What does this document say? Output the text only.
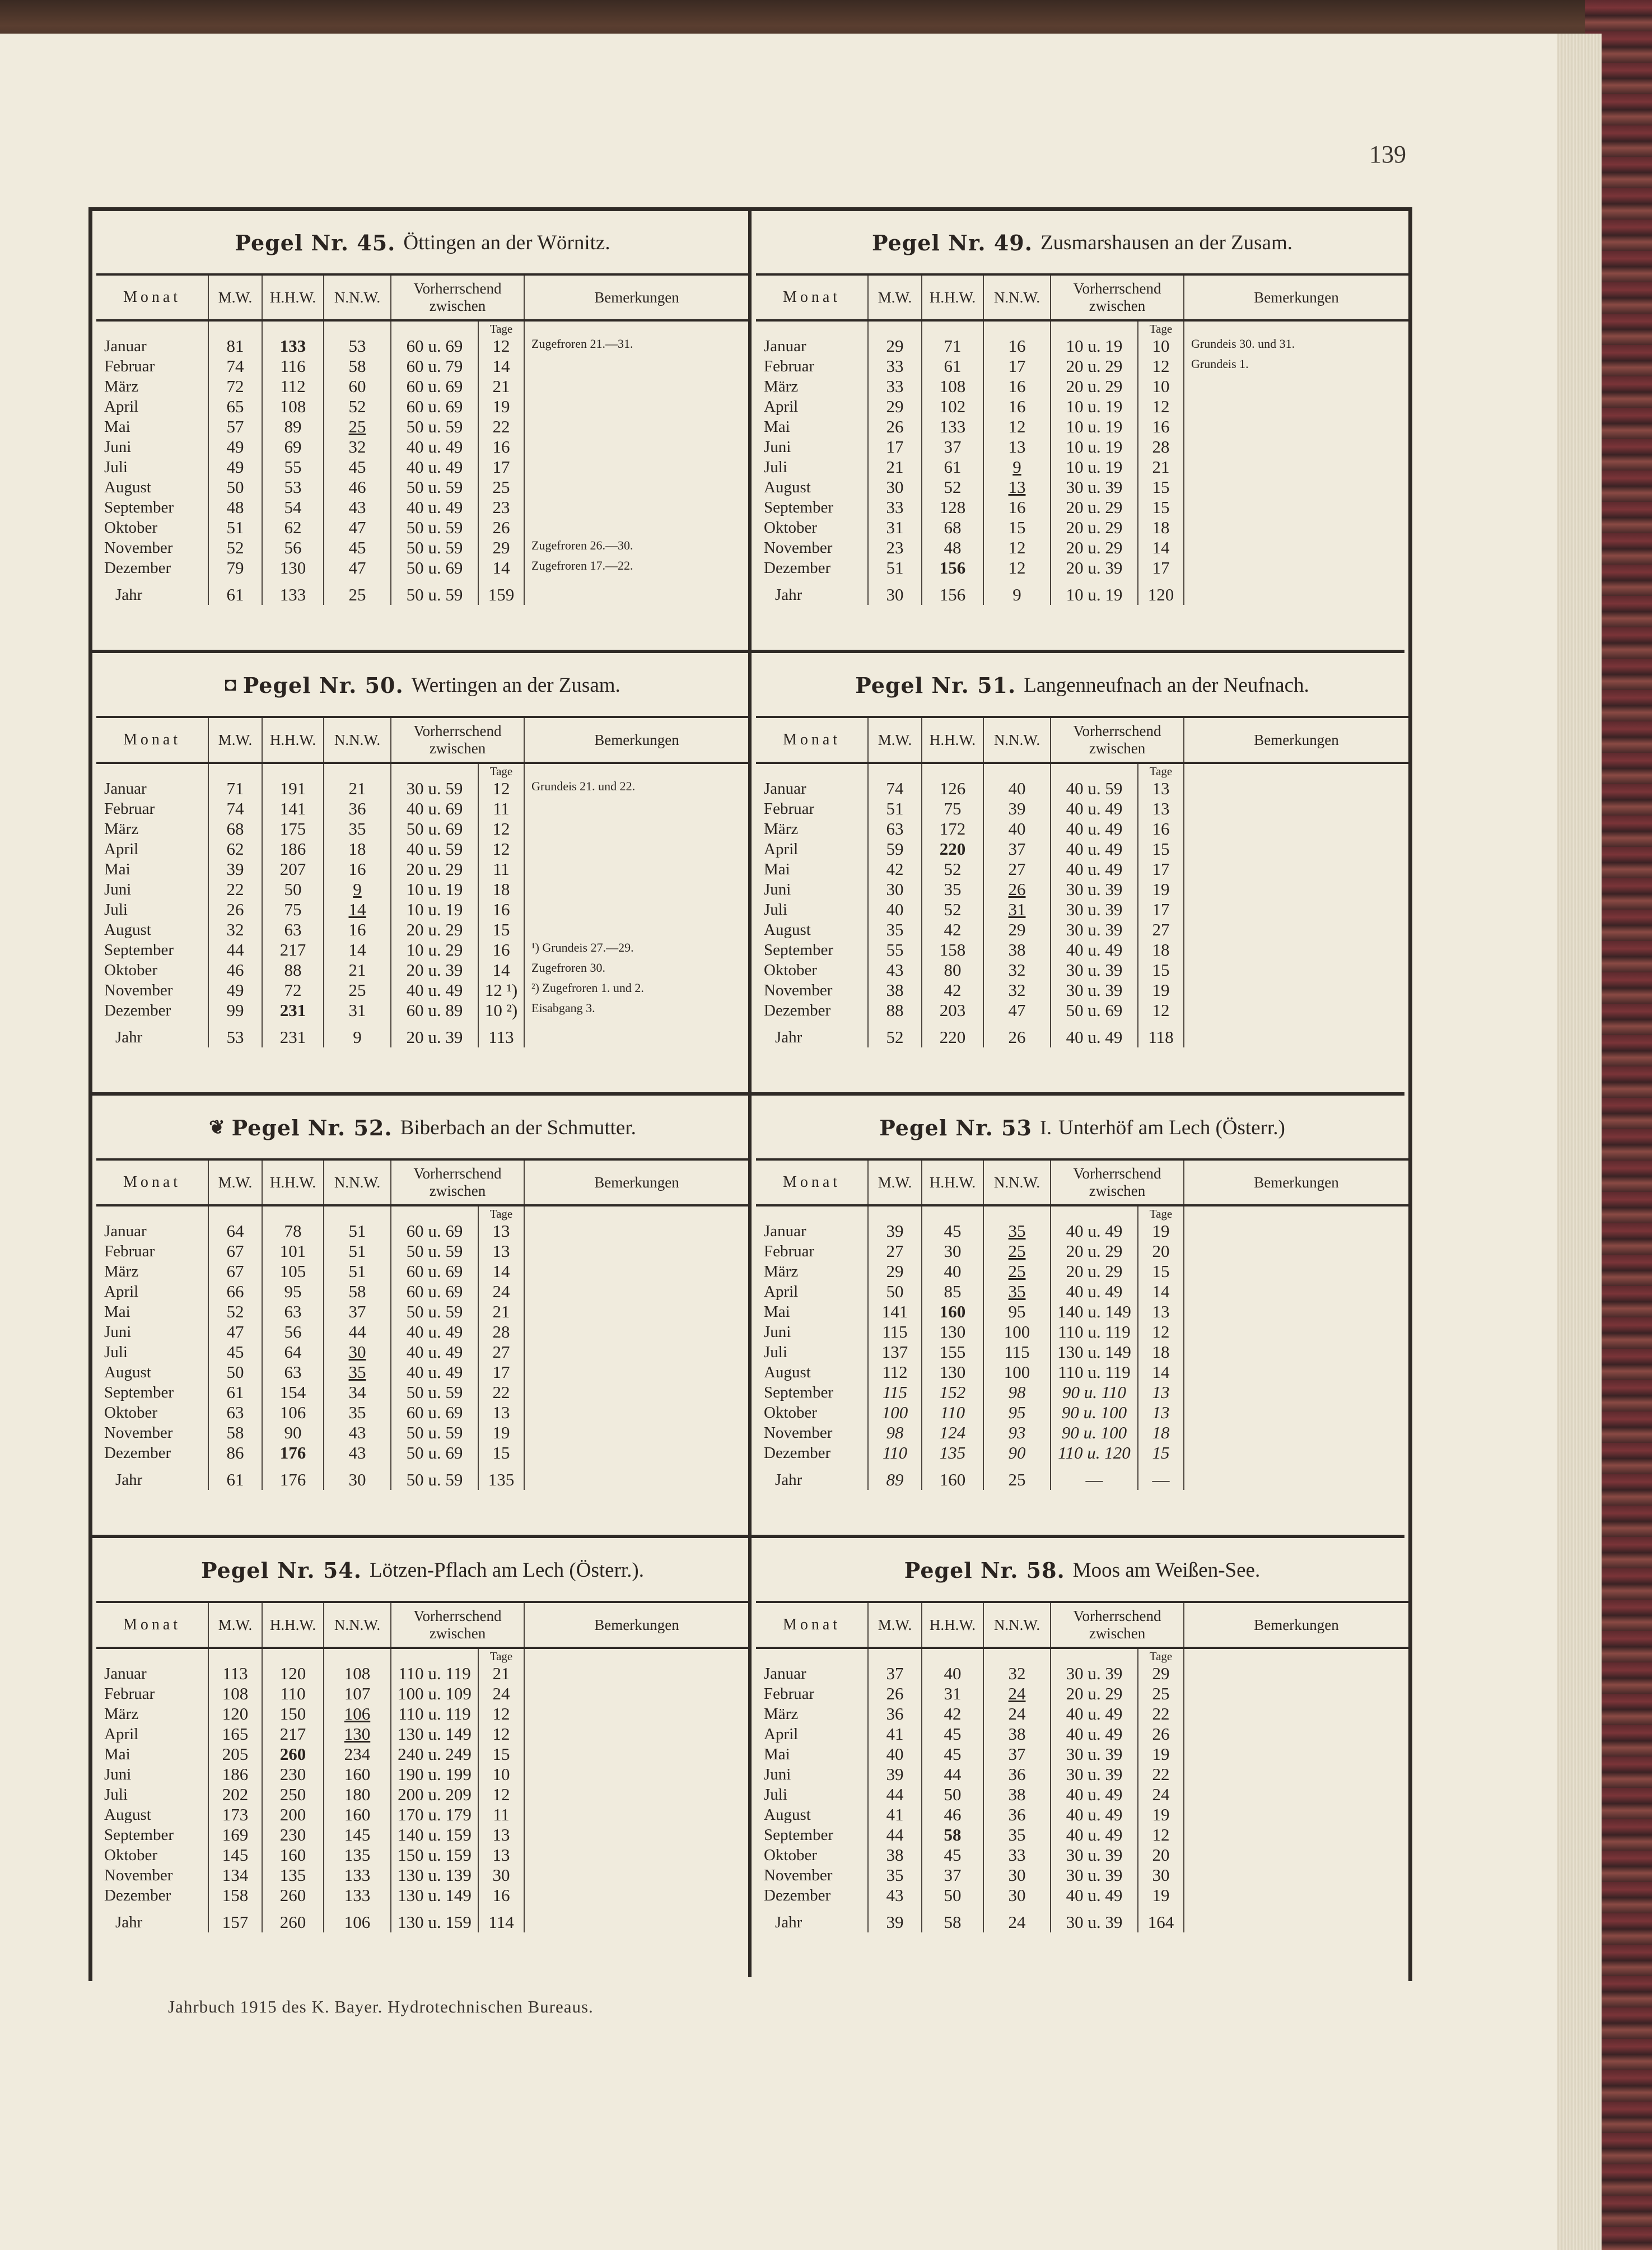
139
Pegel Nr. 45. Öttingen an der Wörnitz.
Monat	M.W.	H.H.W.	N.N.W.	Vorherrschend
zwischen		Bemerkungen
					Tage	
Januar	81	133	53	60 u. 69	12	Zugefroren 21.—31.
Februar	74	116	58	60 u. 79	14	
März	72	112	60	60 u. 69	21	
April	65	108	52	60 u. 69	19	
Mai	57	89	25	50 u. 59	22	
Juni	49	69	32	40 u. 49	16	
Juli	49	55	45	40 u. 49	17	
August	50	53	46	50 u. 59	25	
September	48	54	43	40 u. 49	23	
Oktober	51	62	47	50 u. 59	26	
November	52	56	45	50 u. 59	29	Zugefroren 26.—30.
Dezember	79	130	47	50 u. 69	14	Zugefroren 17.—22.
Jahr	61	133	25	50 u. 59	159	
Pegel Nr. 49. Zusmarshausen an der Zusam.
Monat	M.W.	H.H.W.	N.N.W.	Vorherrschend
zwischen		Bemerkungen
					Tage	
Januar	29	71	16	10 u. 19	10	Grundeis 30. und 31.
Februar	33	61	17	20 u. 29	12	Grundeis 1.
März	33	108	16	20 u. 29	10	
April	29	102	16	10 u. 19	12	
Mai	26	133	12	10 u. 19	16	
Juni	17	37	13	10 u. 19	28	
Juli	21	61	9	10 u. 19	21	
August	30	52	13	30 u. 39	15	
September	33	128	16	20 u. 29	15	
Oktober	31	68	15	20 u. 29	18	
November	23	48	12	20 u. 29	14	
Dezember	51	156	12	20 u. 39	17	
Jahr	30	156	9	10 u. 19	120	
◘ Pegel Nr. 50. Wertingen an der Zusam.
Monat	M.W.	H.H.W.	N.N.W.	Vorherrschend
zwischen		Bemerkungen
					Tage	
Januar	71	191	21	30 u. 59	12	Grundeis 21. und 22.
Februar	74	141	36	40 u. 69	11	
März	68	175	35	50 u. 69	12	
April	62	186	18	40 u. 59	12	
Mai	39	207	16	20 u. 29	11	
Juni	22	50	9	10 u. 19	18	
Juli	26	75	14	10 u. 19	16	
August	32	63	16	20 u. 29	15	
September	44	217	14	10 u. 29	16	¹) Grundeis 27.—29.
Oktober	46	88	21	20 u. 39	14	Zugefroren 30.
November	49	72	25	40 u. 49	12 ¹)	²) Zugefroren 1. und 2.
Dezember	99	231	31	60 u. 89	10 ²)	Eisabgang 3.
Jahr	53	231	9	20 u. 39	113	
Pegel Nr. 51. Langenneufnach an der Neufnach.
Monat	M.W.	H.H.W.	N.N.W.	Vorherrschend
zwischen		Bemerkungen
					Tage	
Januar	74	126	40	40 u. 59	13	
Februar	51	75	39	40 u. 49	13	
März	63	172	40	40 u. 49	16	
April	59	220	37	40 u. 49	15	
Mai	42	52	27	40 u. 49	17	
Juni	30	35	26	30 u. 39	19	
Juli	40	52	31	30 u. 39	17	
August	35	42	29	30 u. 39	27	
September	55	158	38	40 u. 49	18	
Oktober	43	80	32	30 u. 39	15	
November	38	42	32	30 u. 39	19	
Dezember	88	203	47	50 u. 69	12	
Jahr	52	220	26	40 u. 49	118	
❦ Pegel Nr. 52. Biberbach an der Schmutter.
Monat	M.W.	H.H.W.	N.N.W.	Vorherrschend
zwischen		Bemerkungen
					Tage	
Januar	64	78	51	60 u. 69	13	
Februar	67	101	51	50 u. 59	13	
März	67	105	51	60 u. 69	14	
April	66	95	58	60 u. 69	24	
Mai	52	63	37	50 u. 59	21	
Juni	47	56	44	40 u. 49	28	
Juli	45	64	30	40 u. 49	27	
August	50	63	35	40 u. 49	17	
September	61	154	34	50 u. 59	22	
Oktober	63	106	35	60 u. 69	13	
November	58	90	43	50 u. 59	19	
Dezember	86	176	43	50 u. 69	15	
Jahr	61	176	30	50 u. 59	135	
Pegel Nr. 53 I. Unterhöf am Lech (Österr.)
Monat	M.W.	H.H.W.	N.N.W.	Vorherrschend
zwischen		Bemerkungen
					Tage	
Januar	39	45	35	40 u. 49	19	
Februar	27	30	25	20 u. 29	20	
März	29	40	25	20 u. 29	15	
April	50	85	35	40 u. 49	14	
Mai	141	160	95	140 u. 149	13	
Juni	115	130	100	110 u. 119	12	
Juli	137	155	115	130 u. 149	18	
August	112	130	100	110 u. 119	14	
September	115	152	98	90 u. 110	13	
Oktober	100	110	95	90 u. 100	13	
November	98	124	93	90 u. 100	18	
Dezember	110	135	90	110 u. 120	15	
Jahr	89	160	25	—	—	
Pegel Nr. 54. Lötzen-Pflach am Lech (Österr.).
Monat	M.W.	H.H.W.	N.N.W.	Vorherrschend
zwischen		Bemerkungen
					Tage	
Januar	113	120	108	110 u. 119	21	
Februar	108	110	107	100 u. 109	24	
März	120	150	106	110 u. 119	12	
April	165	217	130	130 u. 149	12	
Mai	205	260	234	240 u. 249	15	
Juni	186	230	160	190 u. 199	10	
Juli	202	250	180	200 u. 209	12	
August	173	200	160	170 u. 179	11	
September	169	230	145	140 u. 159	13	
Oktober	145	160	135	150 u. 159	13	
November	134	135	133	130 u. 139	30	
Dezember	158	260	133	130 u. 149	16	
Jahr	157	260	106	130 u. 159	114	
Pegel Nr. 58. Moos am Weißen-See.
Monat	M.W.	H.H.W.	N.N.W.	Vorherrschend
zwischen		Bemerkungen
					Tage	
Januar	37	40	32	30 u. 39	29	
Februar	26	31	24	20 u. 29	25	
März	36	42	24	40 u. 49	22	
April	41	45	38	40 u. 49	26	
Mai	40	45	37	30 u. 39	19	
Juni	39	44	36	30 u. 39	22	
Juli	44	50	38	40 u. 49	24	
August	41	46	36	40 u. 49	19	
September	44	58	35	40 u. 49	12	
Oktober	38	45	33	30 u. 39	20	
November	35	37	30	30 u. 39	30	
Dezember	43	50	30	40 u. 49	19	
Jahr	39	58	24	30 u. 39	164	
Jahrbuch 1915 des K. Bayer. Hydrotechnischen Bureaus.
